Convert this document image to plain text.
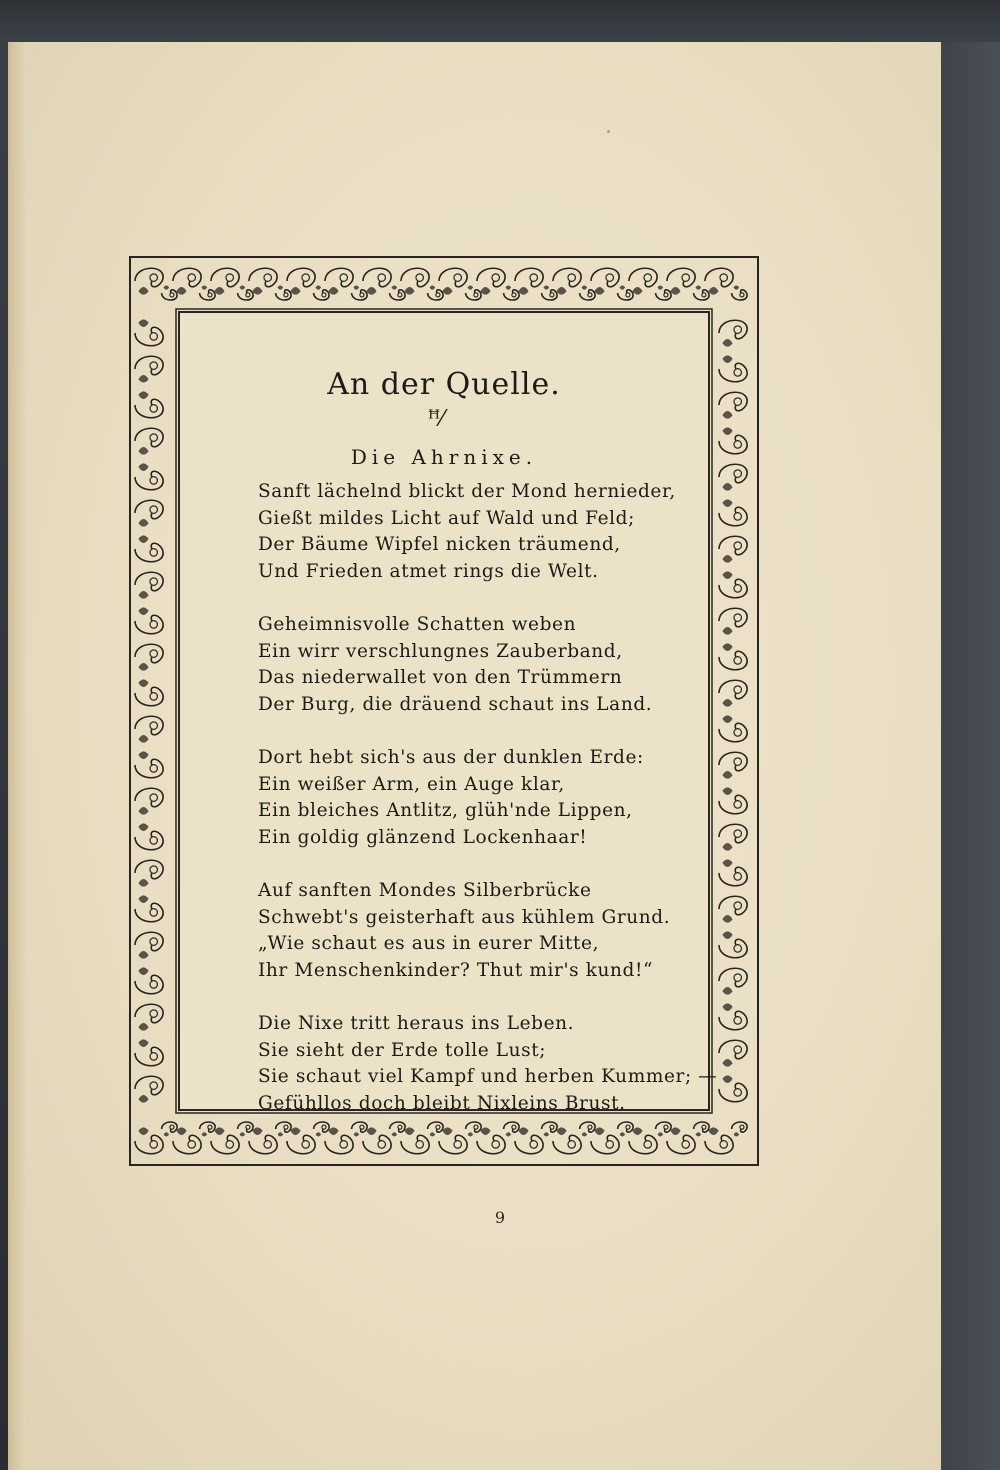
An der Quelle.
ꟸ⁄
Die Ahrnixe.
Sanft lächelnd blickt der Mond hernieder,
Gießt mildes Licht auf Wald und Feld;
Der Bäume Wipfel nicken träumend,
Und Frieden atmet rings die Welt.
Geheimnisvolle Schatten weben
Ein wirr verschlungnes Zauberband,
Das niederwallet von den Trümmern
Der Burg, die dräuend schaut ins Land.
Dort hebt sich's aus der dunklen Erde:
Ein weißer Arm, ein Auge klar,
Ein bleiches Antlitz, glüh'nde Lippen,
Ein goldig glänzend Lockenhaar!
Auf sanften Mondes Silberbrücke
Schwebt's geisterhaft aus kühlem Grund.
„Wie schaut es aus in eurer Mitte,
Ihr Menschenkinder? Thut mir's kund!“
Die Nixe tritt heraus ins Leben.
Sie sieht der Erde tolle Lust;
Sie schaut viel Kampf und herben Kummer; —
Gefühllos doch bleibt Nixleins Brust.
9
